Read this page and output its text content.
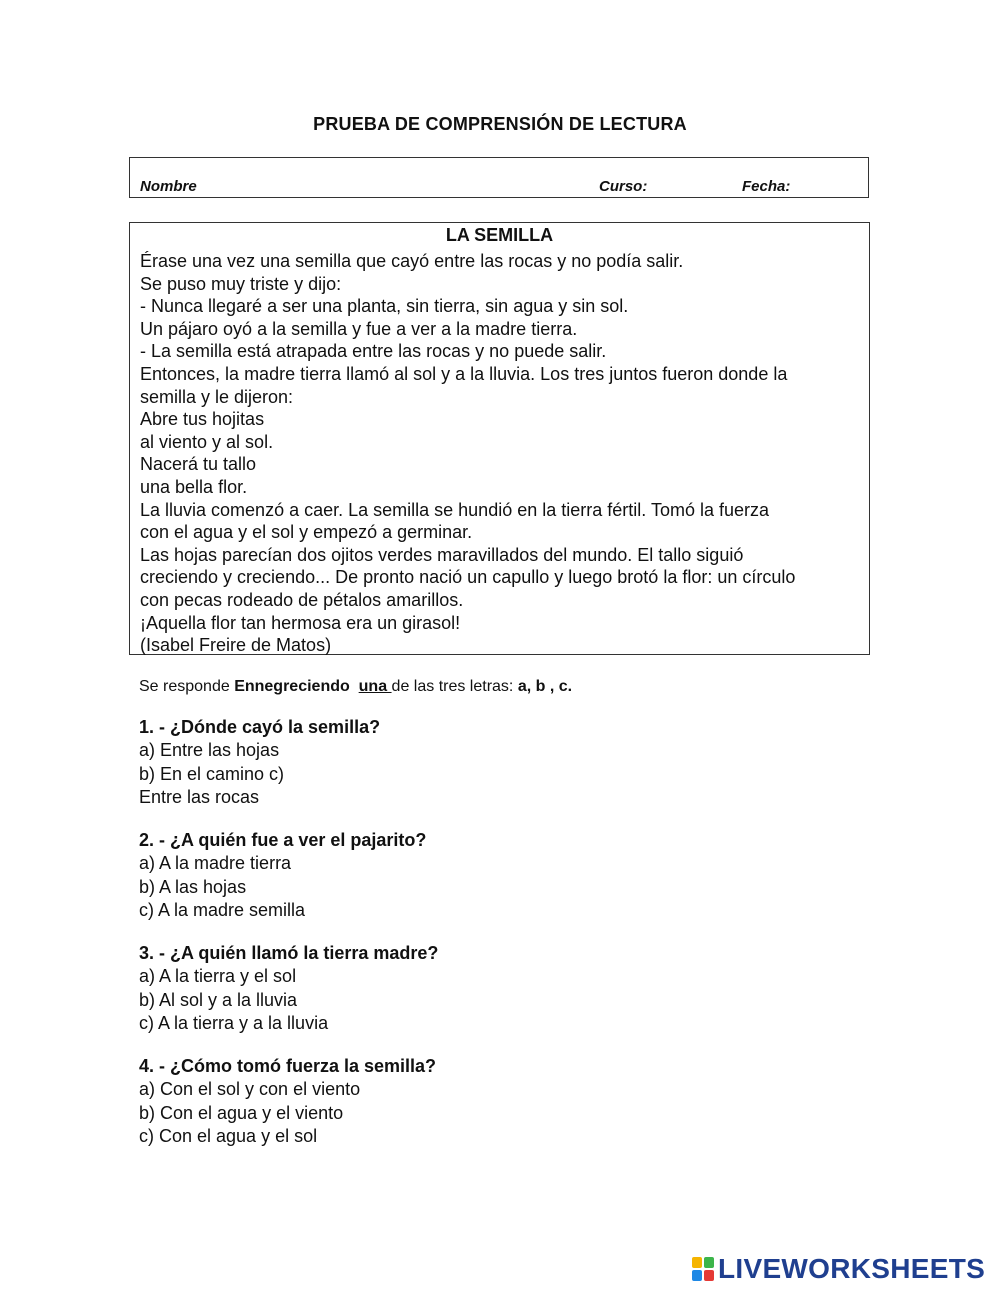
PRUEBA DE COMPRENSIÓN DE LECTURA
Nombre	Curso:	Fecha:
LA SEMILLA
Érase una vez una semilla que cayó entre las rocas y no podía salir.
Se puso muy triste y dijo:
- Nunca llegaré a ser una planta, sin tierra, sin agua y sin sol.
Un pájaro oyó a la semilla y fue a ver a la madre tierra.
- La semilla está atrapada entre las rocas y no puede salir.
Entonces, la madre tierra llamó al sol y a la lluvia. Los tres juntos fueron donde la
semilla y le dijeron:
Abre tus hojitas
al viento y al sol.
Nacerá tu tallo
una bella flor.
La lluvia comenzó a caer. La semilla se hundió en la tierra fértil. Tomó la fuerza
con el agua y el sol y empezó a germinar.
Las hojas parecían dos ojitos verdes maravillados del mundo. El tallo siguió
creciendo y creciendo... De pronto nació un capullo y luego brotó la flor: un círculo
con pecas rodeado de pétalos amarillos.
¡Aquella flor tan hermosa era un girasol!
(Isabel Freire de Matos)
Se responde Ennegreciendo una de las tres letras: a, b , c.
1. - ¿Dónde cayó la semilla?
a) Entre las hojas
b) En el camino c)
Entre las rocas
2. - ¿A quién fue a ver el pajarito?
a) A la madre tierra
b) A las hojas
c) A la madre semilla
3. - ¿A quién llamó la tierra madre?
a) A la tierra y el sol
b) Al sol y a la lluvia
c) A la tierra y a la lluvia
4. - ¿Cómo tomó fuerza la semilla?
a) Con el sol y con el viento
b) Con el agua y el viento
c) Con el agua y el sol
LIVEWORKSHEETS
